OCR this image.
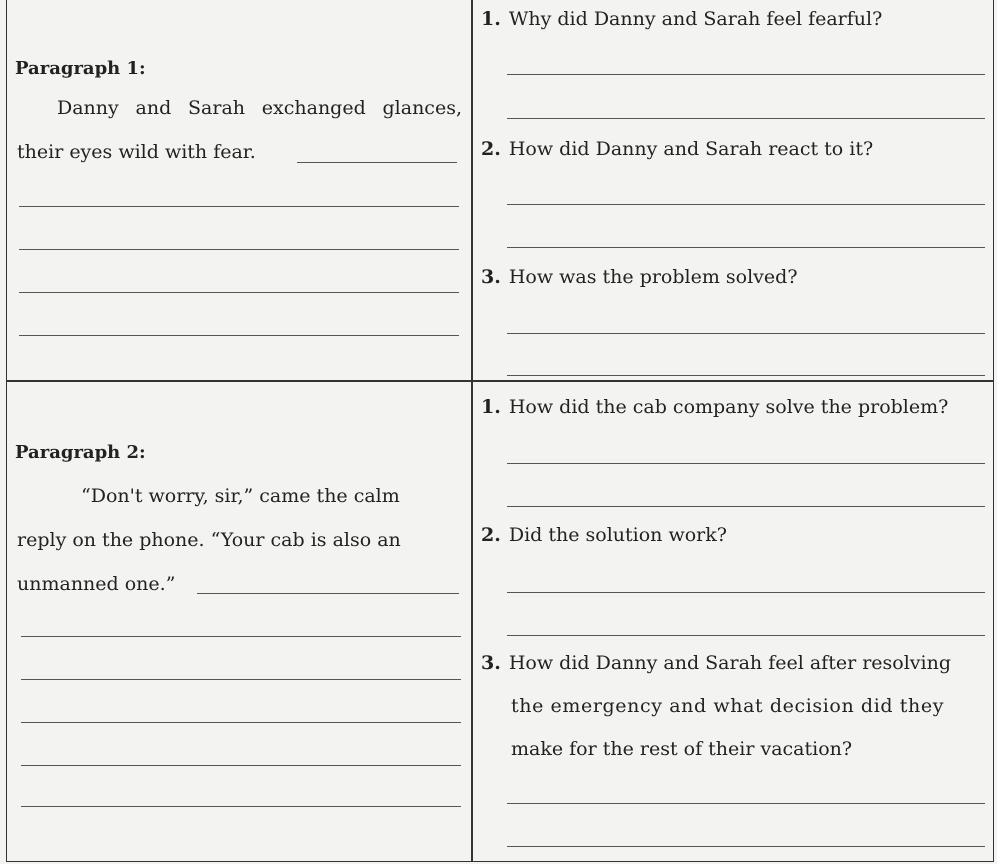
Paragraph 1:
Danny and Sarah exchanged glances, their eyes wild with fear.
1. Why did Danny and Sarah feel fearful?
2. How did Danny and Sarah react to it?
3. How was the problem solved?
Paragraph 2:
“Don't worry, sir,” came the calm
reply on the phone. “Your cab is also an
unmanned one.”
1. How did the cab company solve the problem?
2. Did the solution work?
3. How did Danny and Sarah feel after resolving
the emergency and what decision did they
make for the rest of their vacation?
